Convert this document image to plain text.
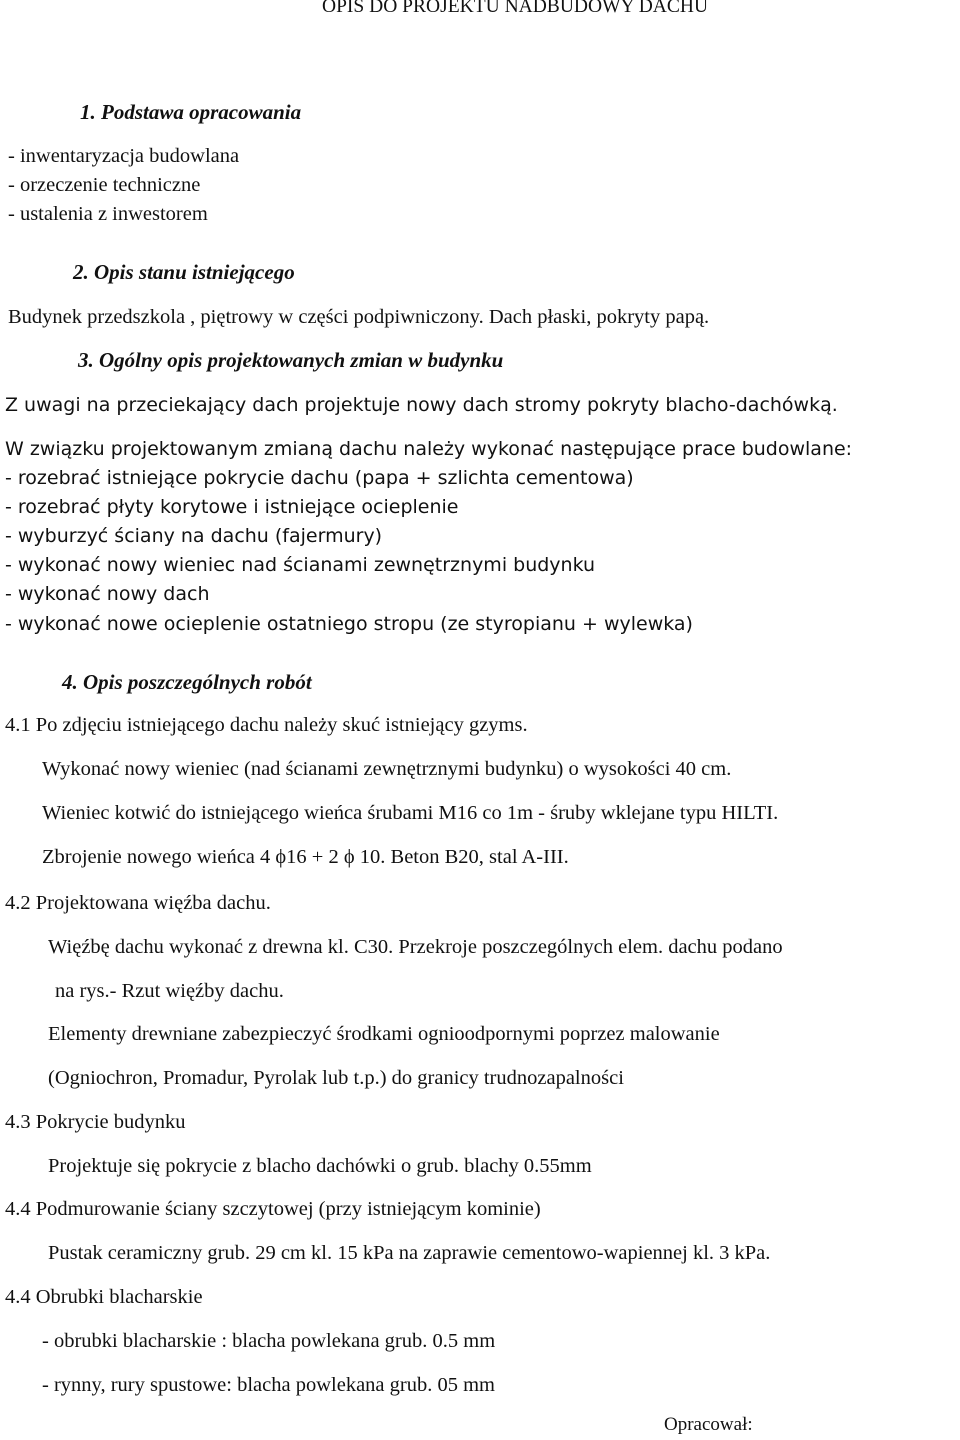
OPIS DO PROJEKTU NADBUDOWY DACHU
1. Podstawa opracowania
- inwentaryzacja budowlana
- orzeczenie techniczne
- ustalenia z inwestorem
2. Opis stanu istniejącego
Budynek przedszkola , piętrowy w części podpiwniczony. Dach płaski, pokryty papą.
3. Ogólny opis projektowanych zmian w budynku
Z uwagi na przeciekający dach projektuje nowy dach stromy pokryty blacho-dachówką.
W związku projektowanym zmianą dachu należy wykonać następujące prace budowlane:
- rozebrać istniejące pokrycie dachu (papa + szlichta cementowa)
- rozebrać płyty korytowe i istniejące ocieplenie
- wyburzyć ściany na dachu (fajermury)
- wykonać nowy wieniec nad ścianami zewnętrznymi budynku
- wykonać nowy dach
- wykonać nowe ocieplenie ostatniego stropu (ze styropianu + wylewka)
4. Opis poszczególnych robót
4.1 Po zdjęciu istniejącego dachu należy skuć istniejący gzyms.
Wykonać nowy wieniec (nad ścianami zewnętrznymi budynku) o wysokości 40 cm.
Wieniec kotwić do istniejącego wieńca śrubami M16 co 1m - śruby wklejane typu HILTI.
Zbrojenie nowego wieńca 4 ϕ16 + 2 ϕ 10. Beton B20, stal A-III.
4.2 Projektowana więźba dachu.
Więźbę dachu wykonać z drewna kl. C30. Przekroje poszczególnych elem. dachu podano
na rys.- Rzut więźby dachu.
Elementy drewniane zabezpieczyć środkami ognioodpornymi poprzez malowanie
(Ogniochron, Promadur, Pyrolak lub t.p.) do granicy trudnozapalności
4.3 Pokrycie budynku
Projektuje się pokrycie z blacho dachówki o grub. blachy 0.55mm
4.4 Podmurowanie ściany szczytowej (przy istniejącym kominie)
Pustak ceramiczny grub. 29 cm kl. 15 kPa na zaprawie cementowo-wapiennej kl. 3 kPa.
4.4 Obrubki blacharskie
- obrubki blacharskie : blacha powlekana grub. 0.5 mm
- rynny, rury spustowe: blacha powlekana grub. 05 mm
Opracował:
